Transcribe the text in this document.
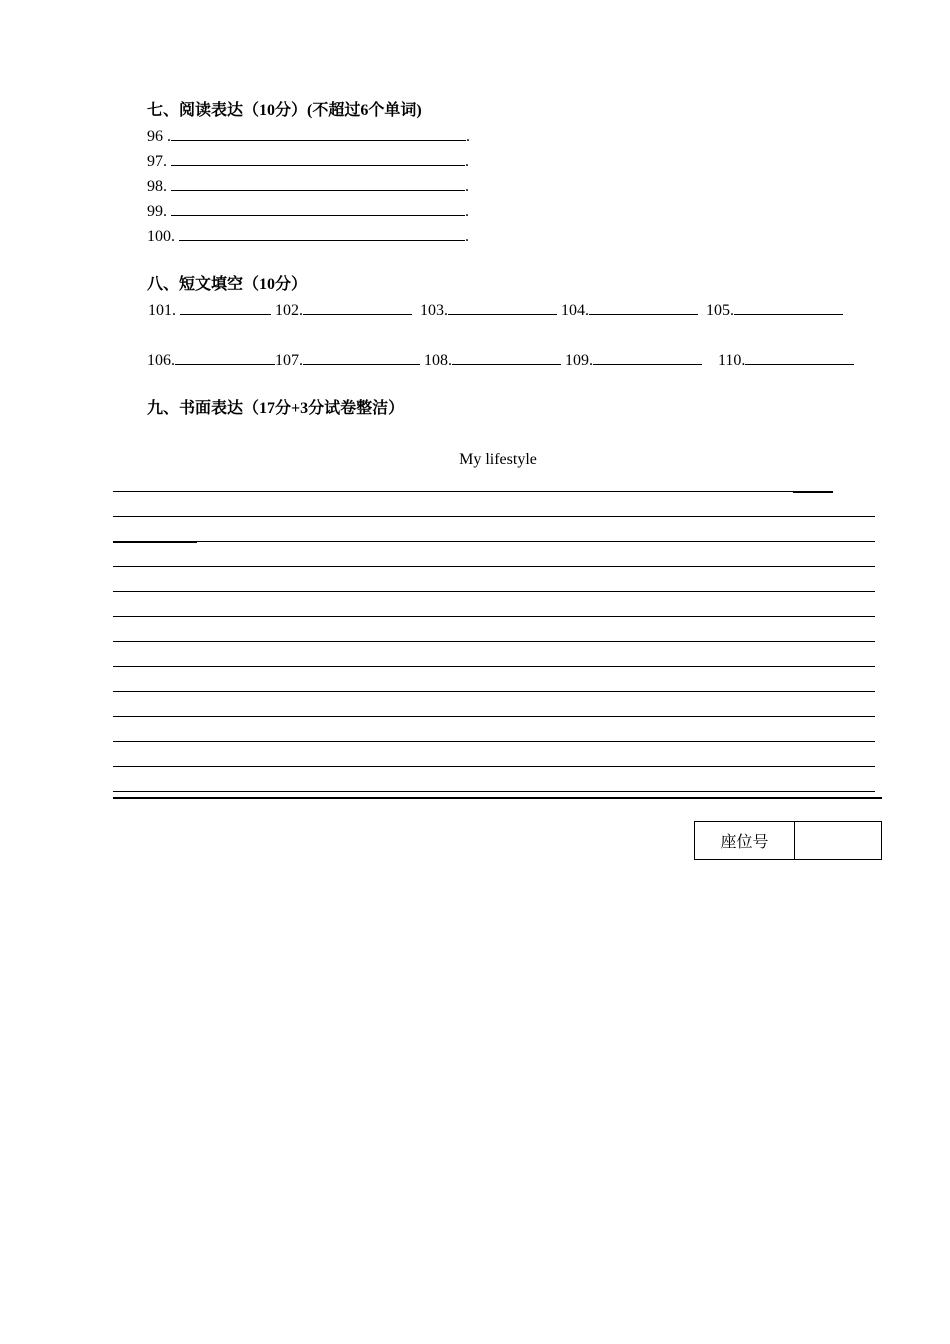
七、阅读表达（10分）(不超过6个单词)
96 .	.
97.	.
98.	.
99.	.
100.	.
八、短文填空（10分）
101.	102.	103.	104.	105.
106.	107.	108.	109.	110.
九、书面表达（17分+3分试卷整洁）
My lifestyle
座位号
